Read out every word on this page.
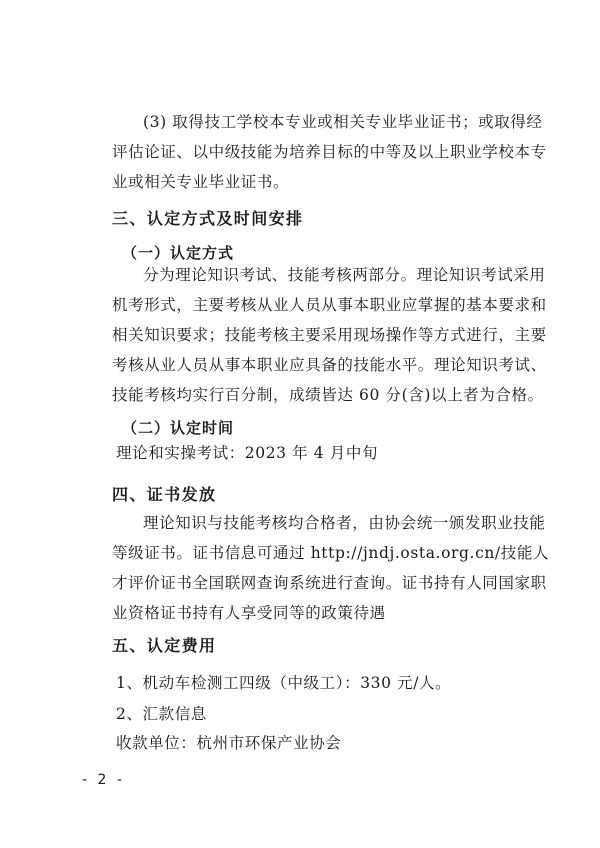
(3) 取得技工学校本专业或相关专业毕业证书；或取得经评估论证、以中级技能为培养目标的中等及以上职业学校本专业或相关专业毕业证书。

三、认定方式及时间安排
（一）认定方式

分为理论知识考试、技能考核两部分。理论知识考试采用机考形式，主要考核从业人员从事本职业应掌握的基本要求和相关知识要求；技能考核主要采用现场操作等方式进行，主要考核从业人员从事本职业应具备的技能水平。理论知识考试、技能考核均实行百分制，成绩皆达 60 分(含)以上者为合格。

（二）认定时间

理论和实操考试：2023 年 4 月中旬

四、证书发放

理论知识与技能考核均合格者，由协会统一颁发职业技能等级证书。证书信息可通过 http://jndj.osta.org.cn/技能人才评价证书全国联网查询系统进行查询。证书持有人同国家职业资格证书持有人享受同等的政策待遇

五、认定费用

1、机动车检测工四级（中级工）：330 元/人。

2、汇款信息

收款单位：杭州市环保产业协会

- 2 -
